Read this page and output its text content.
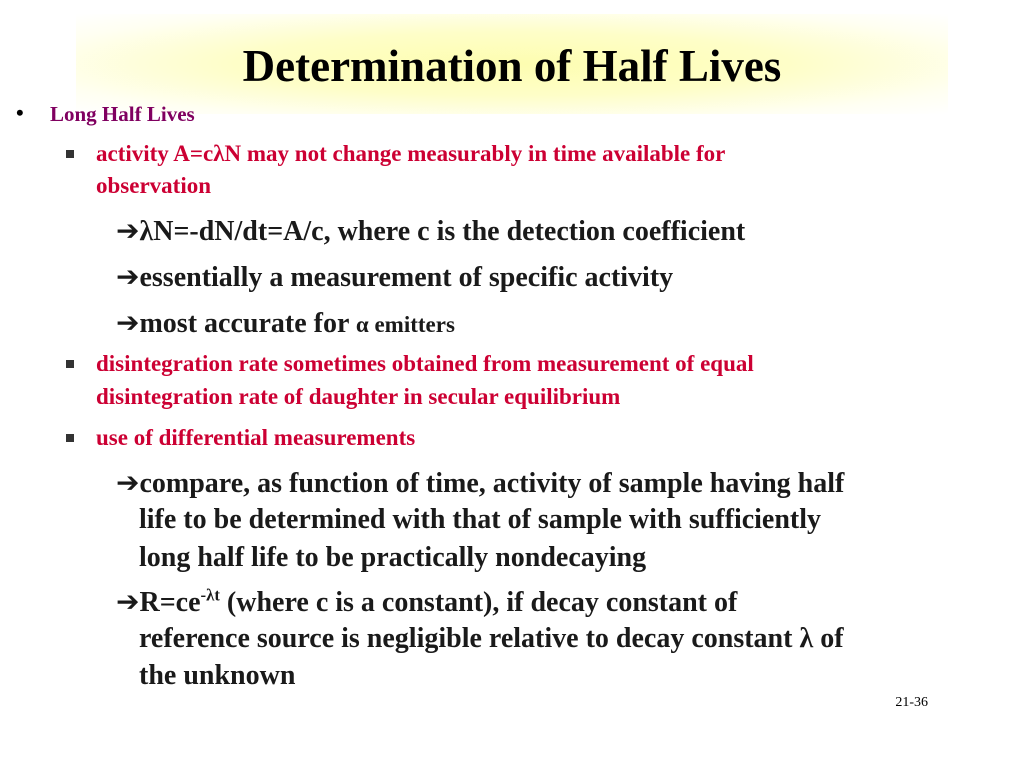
Determination of Half Lives
• Long Half Lives
activity A=cλN may not change measurably in time available for
observation
➔λN=-dN/dt=A/c, where c is the detection coefficient
➔essentially a measurement of specific activity
➔most accurate for α emitters
disintegration rate sometimes obtained from measurement of equal
disintegration rate of daughter in secular equilibrium
use of differential measurements
➔compare, as function of time, activity of sample having half
life to be determined with that of sample with sufficiently
long half life to be practically nondecaying
$➔R=ce^{-\lambda t}$ (where c is a constant), if decay constant of
reference source is negligible relative to decay constant λ of
the unknown
21-36
